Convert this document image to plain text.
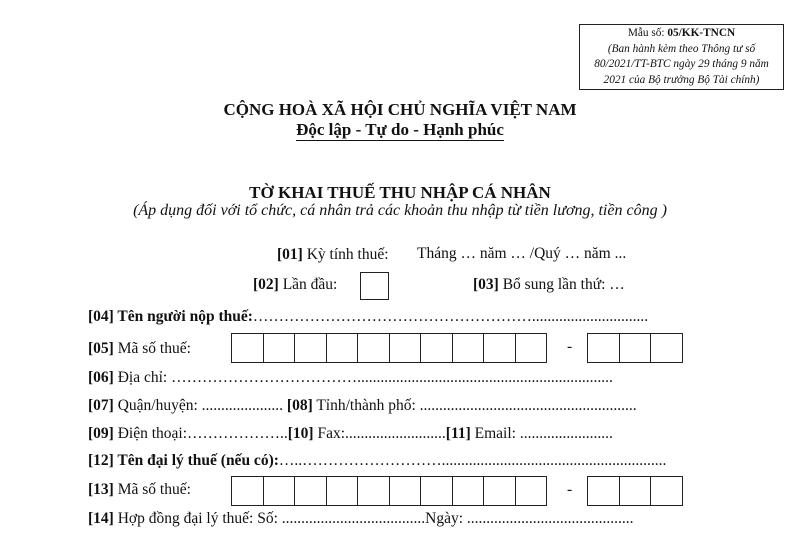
Mẫu số: 05/KK-TNCN
(Ban hành kèm theo Thông tư số
80/2021/TT-BTC ngày 29 tháng 9 năm
2021 của Bộ trưởng Bộ Tài chính)
CỘNG HOÀ XÃ HỘI CHỦ NGHĨA VIỆT NAM
Độc lập - Tự do - Hạnh phúc
TỜ KHAI THUẾ THU NHẬP CÁ NHÂN
(Áp dụng đối với tổ chức, cá nhân trả các khoản thu nhập từ tiền lương, tiền công )
[01] Kỳ tính thuế: Tháng … năm … /Quý … năm ...
[02] Lần đầu:	[03] Bổ sung lần thứ: …
[04] Tên người nộp thuế:………………………………………………..............................
[05] Mã số thuế:	-
[06] Địa chỉ: ………………………………..................................................................
[07] Quận/huyện: ..................... [08] Tỉnh/thành phố: ........................................................
[09] Điện thoại:………………..[10] Fax:..........................[11] Email: ........................
[12] Tên đại lý thuế (nếu có):…..………………………..........................................................
[13] Mã số thuế:	-
[14] Hợp đồng đại lý thuế: Số: .....................................Ngày: ...........................................
